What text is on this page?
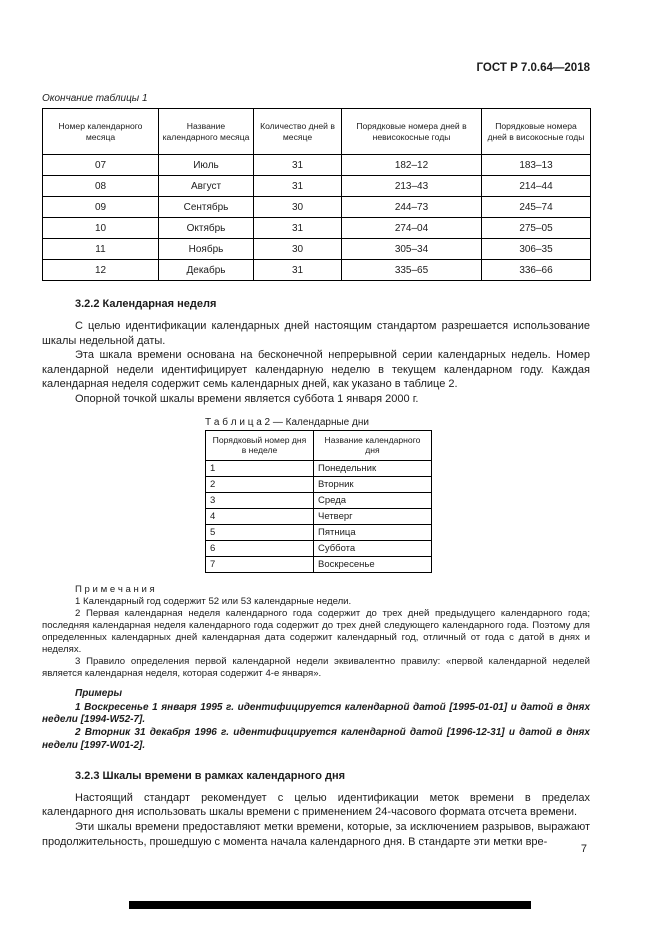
ГОСТ Р 7.0.64—2018
Окончание таблицы 1
Номер календарного месяца	Название календарного месяца	Количество дней в месяце	Порядковые номера дней в невисокосные годы	Порядковые номера дней в високосные годы
07	Июль	31	182–12	183–13
08	Август	31	213–43	214–44
09	Сентябрь	30	244–73	245–74
10	Октябрь	31	274–04	275–05
11	Ноябрь	30	305–34	306–35
12	Декабрь	31	335–65	336–66
3.2.2 Календарная неделя

С целью идентификации календарных дней настоящим стандартом разрешается использование шкалы недельной даты.

Эта шкала времени основана на бесконечной непрерывной серии календарных недель. Номер календарной недели идентифицирует календарную неделю в текущем календарном году. Каждая календарная неделя содержит семь календарных дней, как указано в таблице 2.

Опорной точкой шкалы времени является суббота 1 января 2000 г.

Т а б л и ц а 2 — Календарные дни
Порядковый номер дня в неделе	Название календарного дня
1	Понедельник
2	Вторник
3	Среда
4	Четверг
5	Пятница
6	Суббота
7	Воскресенье
П р и м е ч а н и я

1 Календарный год содержит 52 или 53 календарные недели.

2 Первая календарная неделя календарного года содержит до трех дней предыдущего календарного года; последняя календарная неделя календарного года содержит до трех дней следующего календарного года. Поэтому для определенных календарных дней календарная дата содержит календарный год, отличный от года с датой в днях и неделях.

3 Правило определения первой календарной недели эквивалентно правилу: «первой календарной неделей является календарная неделя, которая содержит 4-е января».

Примеры

1 Воскресенье 1 января 1995 г. идентифицируется календарной датой [1995-01-01] и датой в днях недели [1994-W52-7].

2 Вторник 31 декабря 1996 г. идентифицируется календарной датой [1996-12-31] и датой в днях недели [1997-W01-2].

3.2.3 Шкалы времени в рамках календарного дня

Настоящий стандарт рекомендует с целью идентификации меток времени в пределах календарного дня использовать шкалы времени с применением 24-часового формата отсчета времени.

Эти шкалы времени предоставляют метки времени, которые, за исключением разрывов, выражают продолжительность, прошедшую с момента начала календарного дня. В стандарте эти метки вре-

7
